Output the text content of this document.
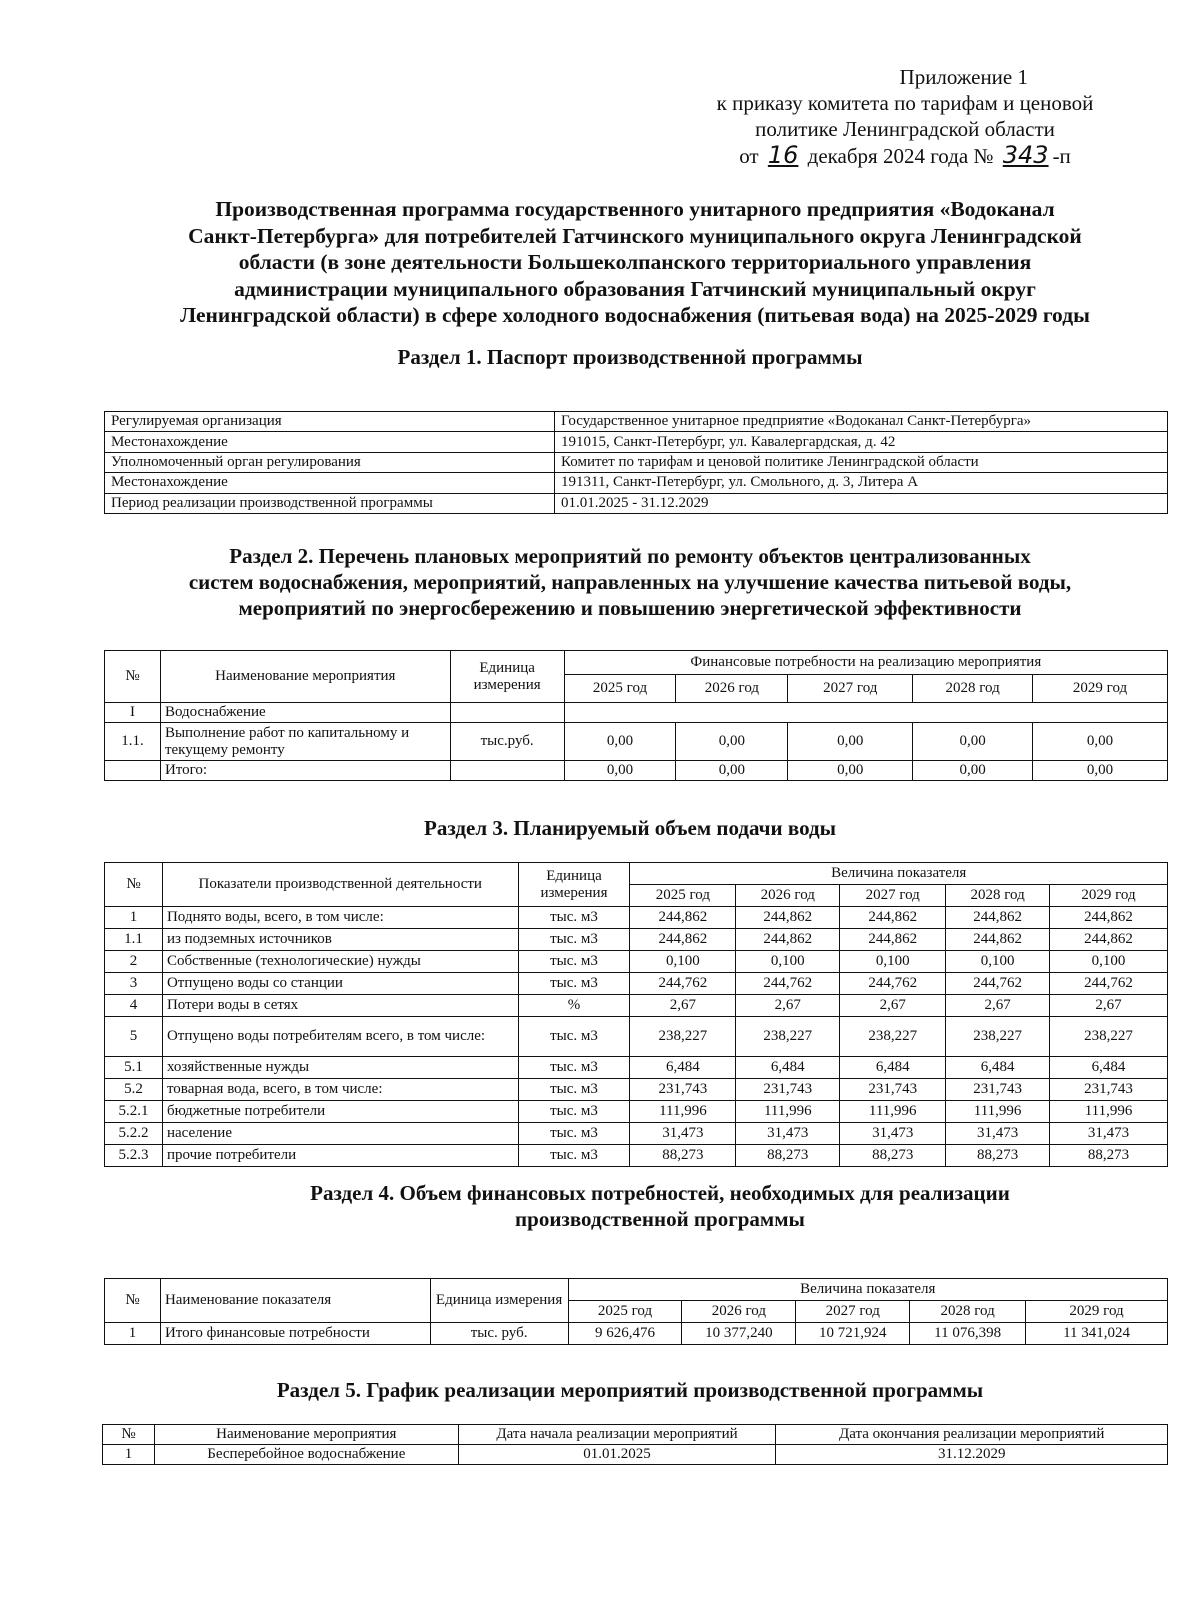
Приложение 1
к приказу комитета по тарифам и ценовой
политике Ленинградской области
от 16 декабря 2024 года № 343 -п
Производственная программа государственного унитарного предприятия «Водоканал
Санкт-Петербурга» для потребителей Гатчинского муниципального округа Ленинградской
области (в зоне деятельности Большеколпанского территориального управления
администрации муниципального образования Гатчинский муниципальный округ
Ленинградской области) в сфере холодного водоснабжения (питьевая вода) на 2025-2029 годы
Раздел 1. Паспорт производственной программы
Регулируемая организация	Государственное унитарное предприятие «Водоканал Санкт-Петербурга»
Местонахождение	191015, Санкт-Петербург, ул. Кавалергардская, д. 42
Уполномоченный орган регулирования	Комитет по тарифам и ценовой политике Ленинградской области
Местонахождение	191311, Санкт-Петербург, ул. Смольного, д. 3, Литера А
Период реализации производственной программы	01.01.2025 - 31.12.2029
Раздел 2. Перечень плановых мероприятий по ремонту объектов централизованных
систем водоснабжения, мероприятий, направленных на улучшение качества питьевой воды,
мероприятий по энергосбережению и повышению энергетической эффективности
№	Наименование мероприятия	Единица измерения	Финансовые потребности на реализацию мероприятия				
			2025 год	2026 год	2027 год	2028 год	2029 год
I	Водоснабжение						
1.1.	Выполнение работ по капитальному и текущему ремонту	тыс.руб.	0,00	0,00	0,00	0,00	0,00
	Итого:		0,00	0,00	0,00	0,00	0,00
Раздел 3. Планируемый объем подачи воды
№	Показатели производственной деятельности	Единица измерения	Величина показателя				
			2025 год	2026 год	2027 год	2028 год	2029 год
1	Поднято воды, всего, в том числе:	тыс. м3	244,862	244,862	244,862	244,862	244,862
1.1	из подземных источников	тыс. м3	244,862	244,862	244,862	244,862	244,862
2	Собственные (технологические) нужды	тыс. м3	0,100	0,100	0,100	0,100	0,100
3	Отпущено воды со станции	тыс. м3	244,762	244,762	244,762	244,762	244,762
4	Потери воды в сетях	%	2,67	2,67	2,67	2,67	2,67
5	Отпущено воды потребителям всего, в том числе:	тыс. м3	238,227	238,227	238,227	238,227	238,227
5.1	хозяйственные нужды	тыс. м3	6,484	6,484	6,484	6,484	6,484
5.2	товарная вода, всего, в том числе:	тыс. м3	231,743	231,743	231,743	231,743	231,743
5.2.1	бюджетные потребители	тыс. м3	111,996	111,996	111,996	111,996	111,996
5.2.2	население	тыс. м3	31,473	31,473	31,473	31,473	31,473
5.2.3	прочие потребители	тыс. м3	88,273	88,273	88,273	88,273	88,273
Раздел 4. Объем финансовых потребностей, необходимых для реализации
производственной программы
№	Наименование показателя	Единица измерения	Величина показателя				
			2025 год	2026 год	2027 год	2028 год	2029 год
1	Итого финансовые потребности	тыс. руб.	9 626,476	10 377,240	10 721,924	11 076,398	11 341,024
Раздел 5. График реализации мероприятий производственной программы
№	Наименование мероприятия	Дата начала реализации мероприятий	Дата окончания реализации мероприятий
1	Бесперебойное водоснабжение	01.01.2025	31.12.2029
